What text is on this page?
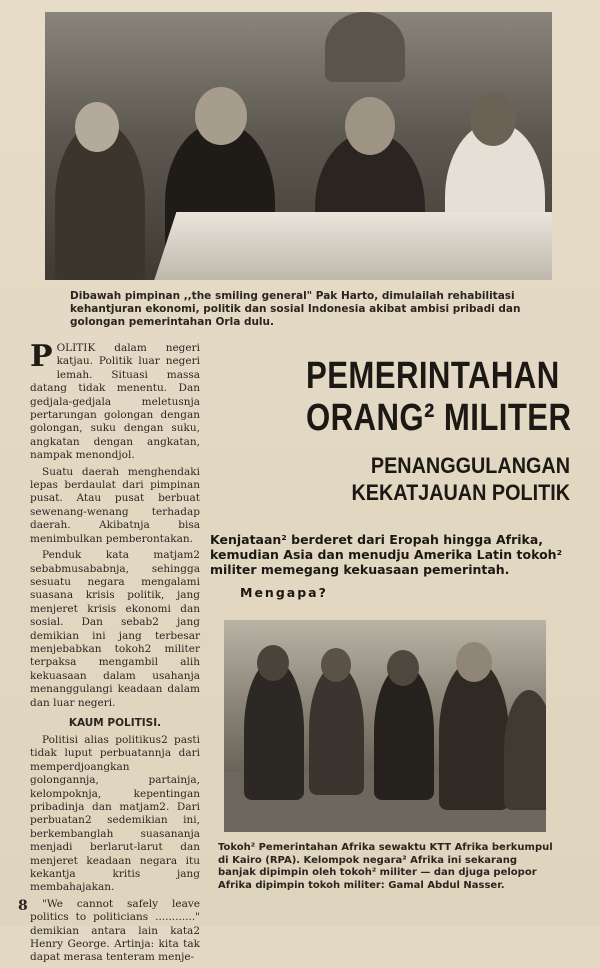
Dibawah pimpinan ,,the smiling general" Pak Harto, dimulailah rehabilitasi kehantjuran ekonomi, politik dan sosial Indonesia akibat ambisi pribadi dan golongan pemerintahan Orla dulu.

POLITIK dalam negeri katjau. Politik luar negeri lemah. Situasi massa datang tidak menentu. Dan gedjala-gedjala meletusnja pertarungan golongan dengan golongan, suku dengan suku, angkatan dengan angkatan, nampak menondjol.

Suatu daerah menghendaki lepas berdaulat dari pimpinan pusat. Atau pusat berbuat sewenang-wenang terhadap daerah. Akibatnja bisa menimbulkan pemberontakan.

Penduk kata matjam2 sebabmusababnja, sehingga sesuatu negara mengalami suasana krisis politik, jang menjeret krisis ekonomi dan sosial. Dan sebab2 jang demikian ini jang terbesar menjebabkan tokoh2 militer terpaksa mengambil alih kekuasaan dalam usahanja menanggulangi keadaan dalam dan luar negeri.

KAUM POLITISI.

Politisi alias politikus2 pasti tidak luput perbuatannja dari memperdjoangkan golongannja, partainja, kelompoknja, kepentingan pribadinja dan matjam2. Dari perbuatan2 sedemikian ini, berkembanglah suasananja menjadi berlarut-larut dan menjeret keadaan negara itu kekantja kritis jang membahajakan.

"We cannot safely leave politics to politicians ............" demikian antara lain kata2 Henry George. Artinja: kita tak dapat merasa tenteram menje-

PEMERINTAHAN
ORANG² MILITER
PENANGGULANGAN
KEKATJAUAN POLITIK
Kenjataan² berderet dari Eropah hingga Afrika, kemudian Asia dan menudju Amerika Latin tokoh² militer memegang kekuasaan pemerintah.
Mengapa?
Tokoh² Pemerintahan Afrika sewaktu KTT Afrika berkumpul di Kairo (RPA). Kelompok negara² Afrika ini sekarang banjak dipimpin oleh tokoh² militer — dan djuga pelopor Afrika dipimpin tokoh militer: Gamal Abdul Nasser.
8
